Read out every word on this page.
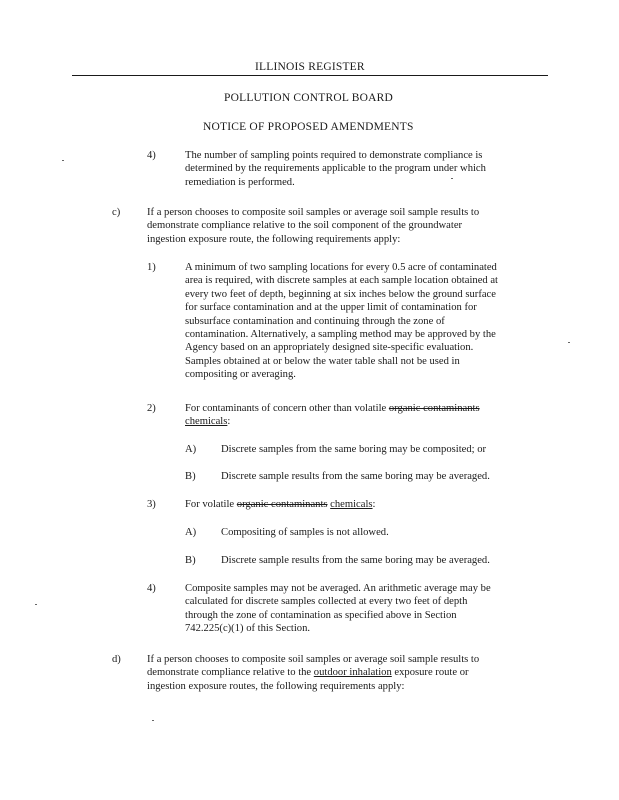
ILLINOIS REGISTER
POLLUTION CONTROL BOARD
NOTICE OF PROPOSED AMENDMENTS
4)	The number of sampling points required to demonstrate compliance is

determined by the requirements applicable to the program under which

remediation is performed.

c)	If a person chooses to composite soil samples or average soil sample results to

demonstrate compliance relative to the soil component of the groundwater

ingestion exposure route, the following requirements apply:

1)	A minimum of two sampling locations for every 0.5 acre of contaminated

area is required, with discrete samples at each sample location obtained at

every two feet of depth, beginning at six inches below the ground surface

for surface contamination and at the upper limit of contamination for

subsurface contamination and continuing through the zone of

contamination. Alternatively, a sampling method may be approved by the

Agency based on an appropriately designed site-specific evaluation.

Samples obtained at or below the water table shall not be used in

compositing or averaging.

2)	For contaminants of concern other than volatile organic contaminants

chemicals:

A) Discrete samples from the same boring may be composited; or
B) Discrete sample results from the same boring may be averaged.
3)	For volatile organic contaminants chemicals:
A) Compositing of samples is not allowed.
B) Discrete sample results from the same boring may be averaged.
4)	Composite samples may not be averaged. An arithmetic average may be

calculated for discrete samples collected at every two feet of depth

through the zone of contamination as specified above in Section

742.225(c)(1) of this Section.

d) If a person chooses to composite soil samples or average soil sample results to

demonstrate compliance relative to the outdoor inhalation exposure route or

ingestion exposure routes, the following requirements apply:
